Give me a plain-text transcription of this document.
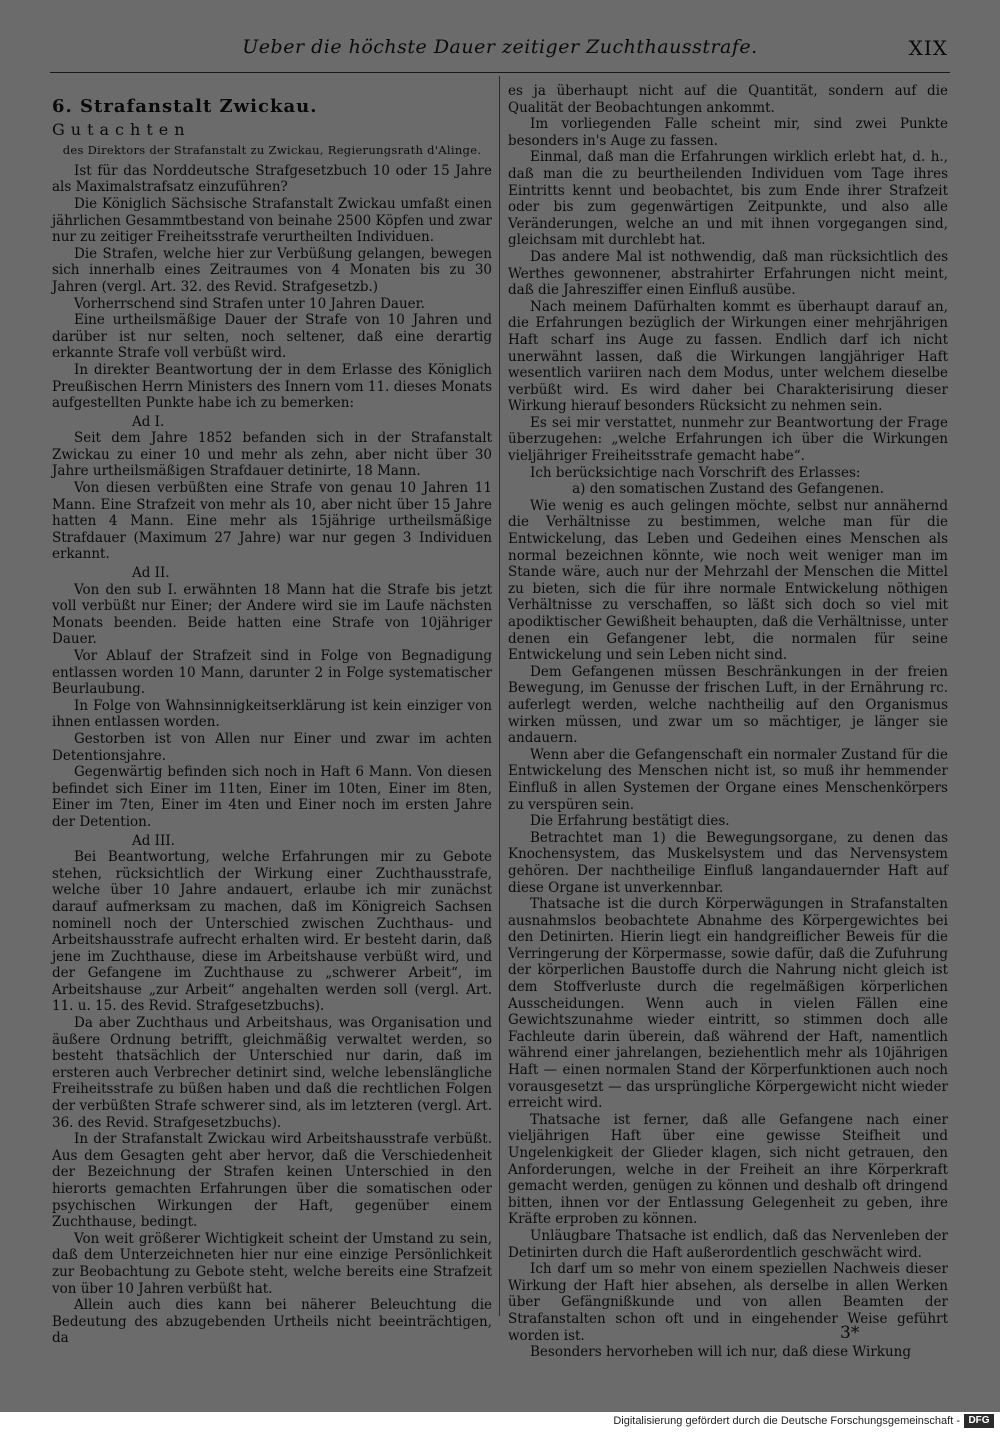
Ueber die höchste Dauer zeitiger Zuchthausstrafe.	XIX

6. Strafanstalt Zwickau.

Gutachten

des Direktors der Strafanstalt zu Zwickau, Regierungsrath d'Alinge.

Ist für das Norddeutsche Strafgesetzbuch 10 oder 15 Jahre als Maximalstrafsatz einzuführen?

Die Königlich Sächsische Strafanstalt Zwickau umfaßt einen jährlichen Gesammtbestand von beinahe 2500 Köpfen und zwar nur zu zeitiger Freiheitsstrafe verurtheilten Individuen.

Die Strafen, welche hier zur Verbüßung gelangen, bewegen sich innerhalb eines Zeitraumes von 4 Monaten bis zu 30 Jahren (vergl. Art. 32. des Revid. Strafgesetzb.)

Vorherrschend sind Strafen unter 10 Jahren Dauer.

Eine urtheilsmäßige Dauer der Strafe von 10 Jahren und darüber ist nur selten, noch seltener, daß eine derartig erkannte Strafe voll verbüßt wird.

In direkter Beantwortung der in dem Erlasse des Königlich Preußischen Herrn Ministers des Innern vom 11. dieses Monats aufgestellten Punkte habe ich zu bemerken:

Ad I.

Seit dem Jahre 1852 befanden sich in der Strafanstalt Zwickau zu einer 10 und mehr als zehn, aber nicht über 30 Jahre urtheilsmäßigen Strafdauer detinirte, 18 Mann.

Von diesen verbüßten eine Strafe von genau 10 Jahren 11 Mann. Eine Strafzeit von mehr als 10, aber nicht über 15 Jahre hatten 4 Mann. Eine mehr als 15jährige urtheilsmäßige Strafdauer (Maximum 27 Jahre) war nur gegen 3 Individuen erkannt.

Ad II.

Von den sub I. erwähnten 18 Mann hat die Strafe bis jetzt voll verbüßt nur Einer; der Andere wird sie im Laufe nächsten Monats beenden. Beide hatten eine Strafe von 10jähriger Dauer.

Vor Ablauf der Strafzeit sind in Folge von Begnadigung entlassen worden 10 Mann, darunter 2 in Folge systematischer Beurlaubung.

In Folge von Wahnsinnigkeitserklärung ist kein einziger von ihnen entlassen worden.

Gestorben ist von Allen nur Einer und zwar im achten Detentionsjahre.

Gegenwärtig befinden sich noch in Haft 6 Mann. Von diesen befindet sich Einer im 11ten, Einer im 10ten, Einer im 8ten, Einer im 7ten, Einer im 4ten und Einer noch im ersten Jahre der Detention.

Ad III.

Bei Beantwortung, welche Erfahrungen mir zu Gebote stehen, rücksichtlich der Wirkung einer Zuchthausstrafe, welche über 10 Jahre andauert, erlaube ich mir zunächst darauf aufmerksam zu machen, daß im Königreich Sachsen nominell noch der Unterschied zwischen Zuchthaus- und Arbeitshausstrafe aufrecht erhalten wird. Er besteht darin, daß jene im Zuchthause, diese im Arbeitshause verbüßt wird, und der Gefangene im Zuchthause zu „schwerer Arbeit“, im Arbeitshause „zur Arbeit“ angehalten werden soll (vergl. Art. 11. u. 15. des Revid. Strafgesetzbuchs).

Da aber Zuchthaus und Arbeitshaus, was Organisation und äußere Ordnung betrifft, gleichmäßig verwaltet werden, so besteht thatsächlich der Unterschied nur darin, daß im ersteren auch Verbrecher detinirt sind, welche lebenslängliche Freiheitsstrafe zu büßen haben und daß die rechtlichen Folgen der verbüßten Strafe schwerer sind, als im letzteren (vergl. Art. 36. des Revid. Strafgesetzbuchs).

In der Strafanstalt Zwickau wird Arbeitshausstrafe verbüßt. Aus dem Gesagten geht aber hervor, daß die Verschiedenheit der Bezeichnung der Strafen keinen Unterschied in den hierorts gemachten Erfahrungen über die somatischen oder psychischen Wirkungen der Haft, gegenüber einem Zuchthause, bedingt.

Von weit größerer Wichtigkeit scheint der Umstand zu sein, daß dem Unterzeichneten hier nur eine einzige Persönlichkeit zur Beobachtung zu Gebote steht, welche bereits eine Strafzeit von über 10 Jahren verbüßt hat.

Allein auch dies kann bei näherer Beleuchtung die Bedeutung des abzugebenden Urtheils nicht beeinträchtigen, da

es ja überhaupt nicht auf die Quantität, sondern auf die Qualität der Beobachtungen ankommt.

Im vorliegenden Falle scheint mir, sind zwei Punkte besonders in's Auge zu fassen.

Einmal, daß man die Erfahrungen wirklich erlebt hat, d. h., daß man die zu beurtheilenden Individuen vom Tage ihres Eintritts kennt und beobachtet, bis zum Ende ihrer Strafzeit oder bis zum gegenwärtigen Zeitpunkte, und also alle Veränderungen, welche an und mit ihnen vorgegangen sind, gleichsam mit durchlebt hat.

Das andere Mal ist nothwendig, daß man rücksichtlich des Werthes gewonnener, abstrahirter Erfahrungen nicht meint, daß die Jahresziffer einen Einfluß ausübe.

Nach meinem Dafürhalten kommt es überhaupt darauf an, die Erfahrungen bezüglich der Wirkungen einer mehrjährigen Haft scharf ins Auge zu fassen. Endlich darf ich nicht unerwähnt lassen, daß die Wirkungen langjähriger Haft wesentlich variiren nach dem Modus, unter welchem dieselbe verbüßt wird. Es wird daher bei Charakterisirung dieser Wirkung hierauf besonders Rücksicht zu nehmen sein.

Es sei mir verstattet, nunmehr zur Beantwortung der Frage überzugehen: „welche Erfahrungen ich über die Wirkungen vieljähriger Freiheitsstrafe gemacht habe“.

Ich berücksichtige nach Vorschrift des Erlasses:

a) den somatischen Zustand des Gefangenen.

Wie wenig es auch gelingen möchte, selbst nur annähernd die Verhältnisse zu bestimmen, welche man für die Entwickelung, das Leben und Gedeihen eines Menschen als normal bezeichnen könnte, wie noch weit weniger man im Stande wäre, auch nur der Mehrzahl der Menschen die Mittel zu bieten, sich die für ihre normale Entwickelung nöthigen Verhältnisse zu verschaffen, so läßt sich doch so viel mit apodiktischer Gewißheit behaupten, daß die Verhältnisse, unter denen ein Gefangener lebt, die normalen für seine Entwickelung und sein Leben nicht sind.

Dem Gefangenen müssen Beschränkungen in der freien Bewegung, im Genusse der frischen Luft, in der Ernährung rc. auferlegt werden, welche nachtheilig auf den Organismus wirken müssen, und zwar um so mächtiger, je länger sie andauern.

Wenn aber die Gefangenschaft ein normaler Zustand für die Entwickelung des Menschen nicht ist, so muß ihr hemmender Einfluß in allen Systemen der Organe eines Menschenkörpers zu verspüren sein.

Die Erfahrung bestätigt dies.

Betrachtet man 1) die Bewegungsorgane, zu denen das Knochensystem, das Muskelsystem und das Nervensystem gehören. Der nachtheilige Einfluß langandauernder Haft auf diese Organe ist unverkennbar.

Thatsache ist die durch Körperwägungen in Strafanstalten ausnahmslos beobachtete Abnahme des Körpergewichtes bei den Detinirten. Hierin liegt ein handgreiflicher Beweis für die Verringerung der Körpermasse, sowie dafür, daß die Zufuhrung der körperlichen Baustoffe durch die Nahrung nicht gleich ist dem Stoffverluste durch die regelmäßigen körperlichen Ausscheidungen. Wenn auch in vielen Fällen eine Gewichtszunahme wieder eintritt, so stimmen doch alle Fachleute darin überein, daß während der Haft, namentlich während einer jahrelangen, beziehentlich mehr als 10jährigen Haft — einen normalen Stand der Körperfunktionen auch noch vorausgesetzt — das ursprüngliche Körpergewicht nicht wieder erreicht wird.

Thatsache ist ferner, daß alle Gefangene nach einer vieljährigen Haft über eine gewisse Steifheit und Ungelenkigkeit der Glieder klagen, sich nicht getrauen, den Anforderungen, welche in der Freiheit an ihre Körperkraft gemacht werden, genügen zu können und deshalb oft dringend bitten, ihnen vor der Entlassung Gelegenheit zu geben, ihre Kräfte erproben zu können.

Unläugbare Thatsache ist endlich, daß das Nervenleben der Detinirten durch die Haft außerordentlich geschwächt wird.

Ich darf um so mehr von einem speziellen Nachweis dieser Wirkung der Haft hier absehen, als derselbe in allen Werken über Gefängnißkunde und von allen Beamten der Strafanstalten schon oft und in eingehender Weise geführt worden ist.

Besonders hervorheben will ich nur, daß diese Wirkung

3*
Digitalisierung gefördert durch die Deutsche Forschungsgemeinschaft - DFG
